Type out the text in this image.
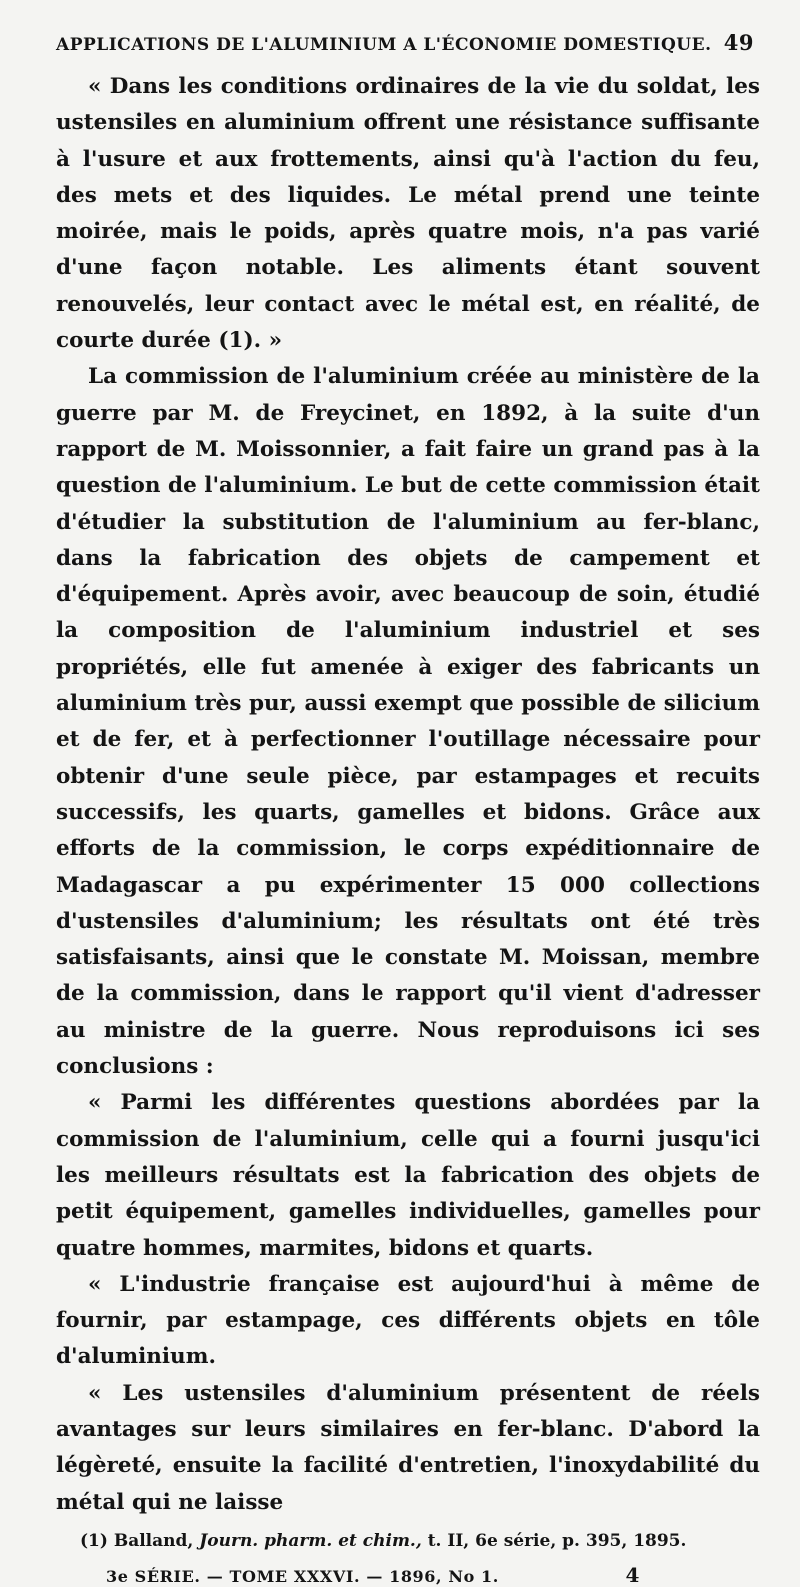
APPLICATIONS DE L'ALUMINIUM A L'ÉCONOMIE DOMESTIQUE. 49

« Dans les conditions ordinaires de la vie du soldat, les ustensiles en aluminium offrent une résistance suffisante à l'usure et aux frottements, ainsi qu'à l'action du feu, des mets et des liquides. Le métal prend une teinte moirée, mais le poids, après quatre mois, n'a pas varié d'une façon notable. Les aliments étant souvent renouvelés, leur contact avec le métal est, en réalité, de courte durée (1). »

La commission de l'aluminium créée au ministère de la guerre par M. de Freycinet, en 1892, à la suite d'un rapport de M. Moissonnier, a fait faire un grand pas à la question de l'aluminium. Le but de cette commission était d'étudier la substitution de l'aluminium au fer-blanc, dans la fabrication des objets de campement et d'équipement. Après avoir, avec beaucoup de soin, étudié la composition de l'aluminium industriel et ses propriétés, elle fut amenée à exiger des fabricants un aluminium très pur, aussi exempt que possible de silicium et de fer, et à perfectionner l'outillage nécessaire pour obtenir d'une seule pièce, par estampages et recuits successifs, les quarts, gamelles et bidons. Grâce aux efforts de la commission, le corps expéditionnaire de Madagascar a pu expérimenter 15 000 collections d'ustensiles d'aluminium; les résultats ont été très satisfaisants, ainsi que le constate M. Moissan, membre de la commission, dans le rapport qu'il vient d'adresser au ministre de la guerre. Nous reproduisons ici ses conclusions :

« Parmi les différentes questions abordées par la commission de l'aluminium, celle qui a fourni jusqu'ici les meilleurs résultats est la fabrication des objets de petit équipement, gamelles individuelles, gamelles pour quatre hommes, marmites, bidons et quarts.

« L'industrie française est aujourd'hui à même de fournir, par estampage, ces différents objets en tôle d'aluminium.

« Les ustensiles d'aluminium présentent de réels avantages sur leurs similaires en fer-blanc. D'abord la légèreté, ensuite la facilité d'entretien, l'inoxydabilité du métal qui ne laisse

(1) Balland, Journ. pharm. et chim., t. II, 6e série, p. 395, 1895.
3e SÉRIE. — TOME XXXVI. — 1896, No 1.	4
